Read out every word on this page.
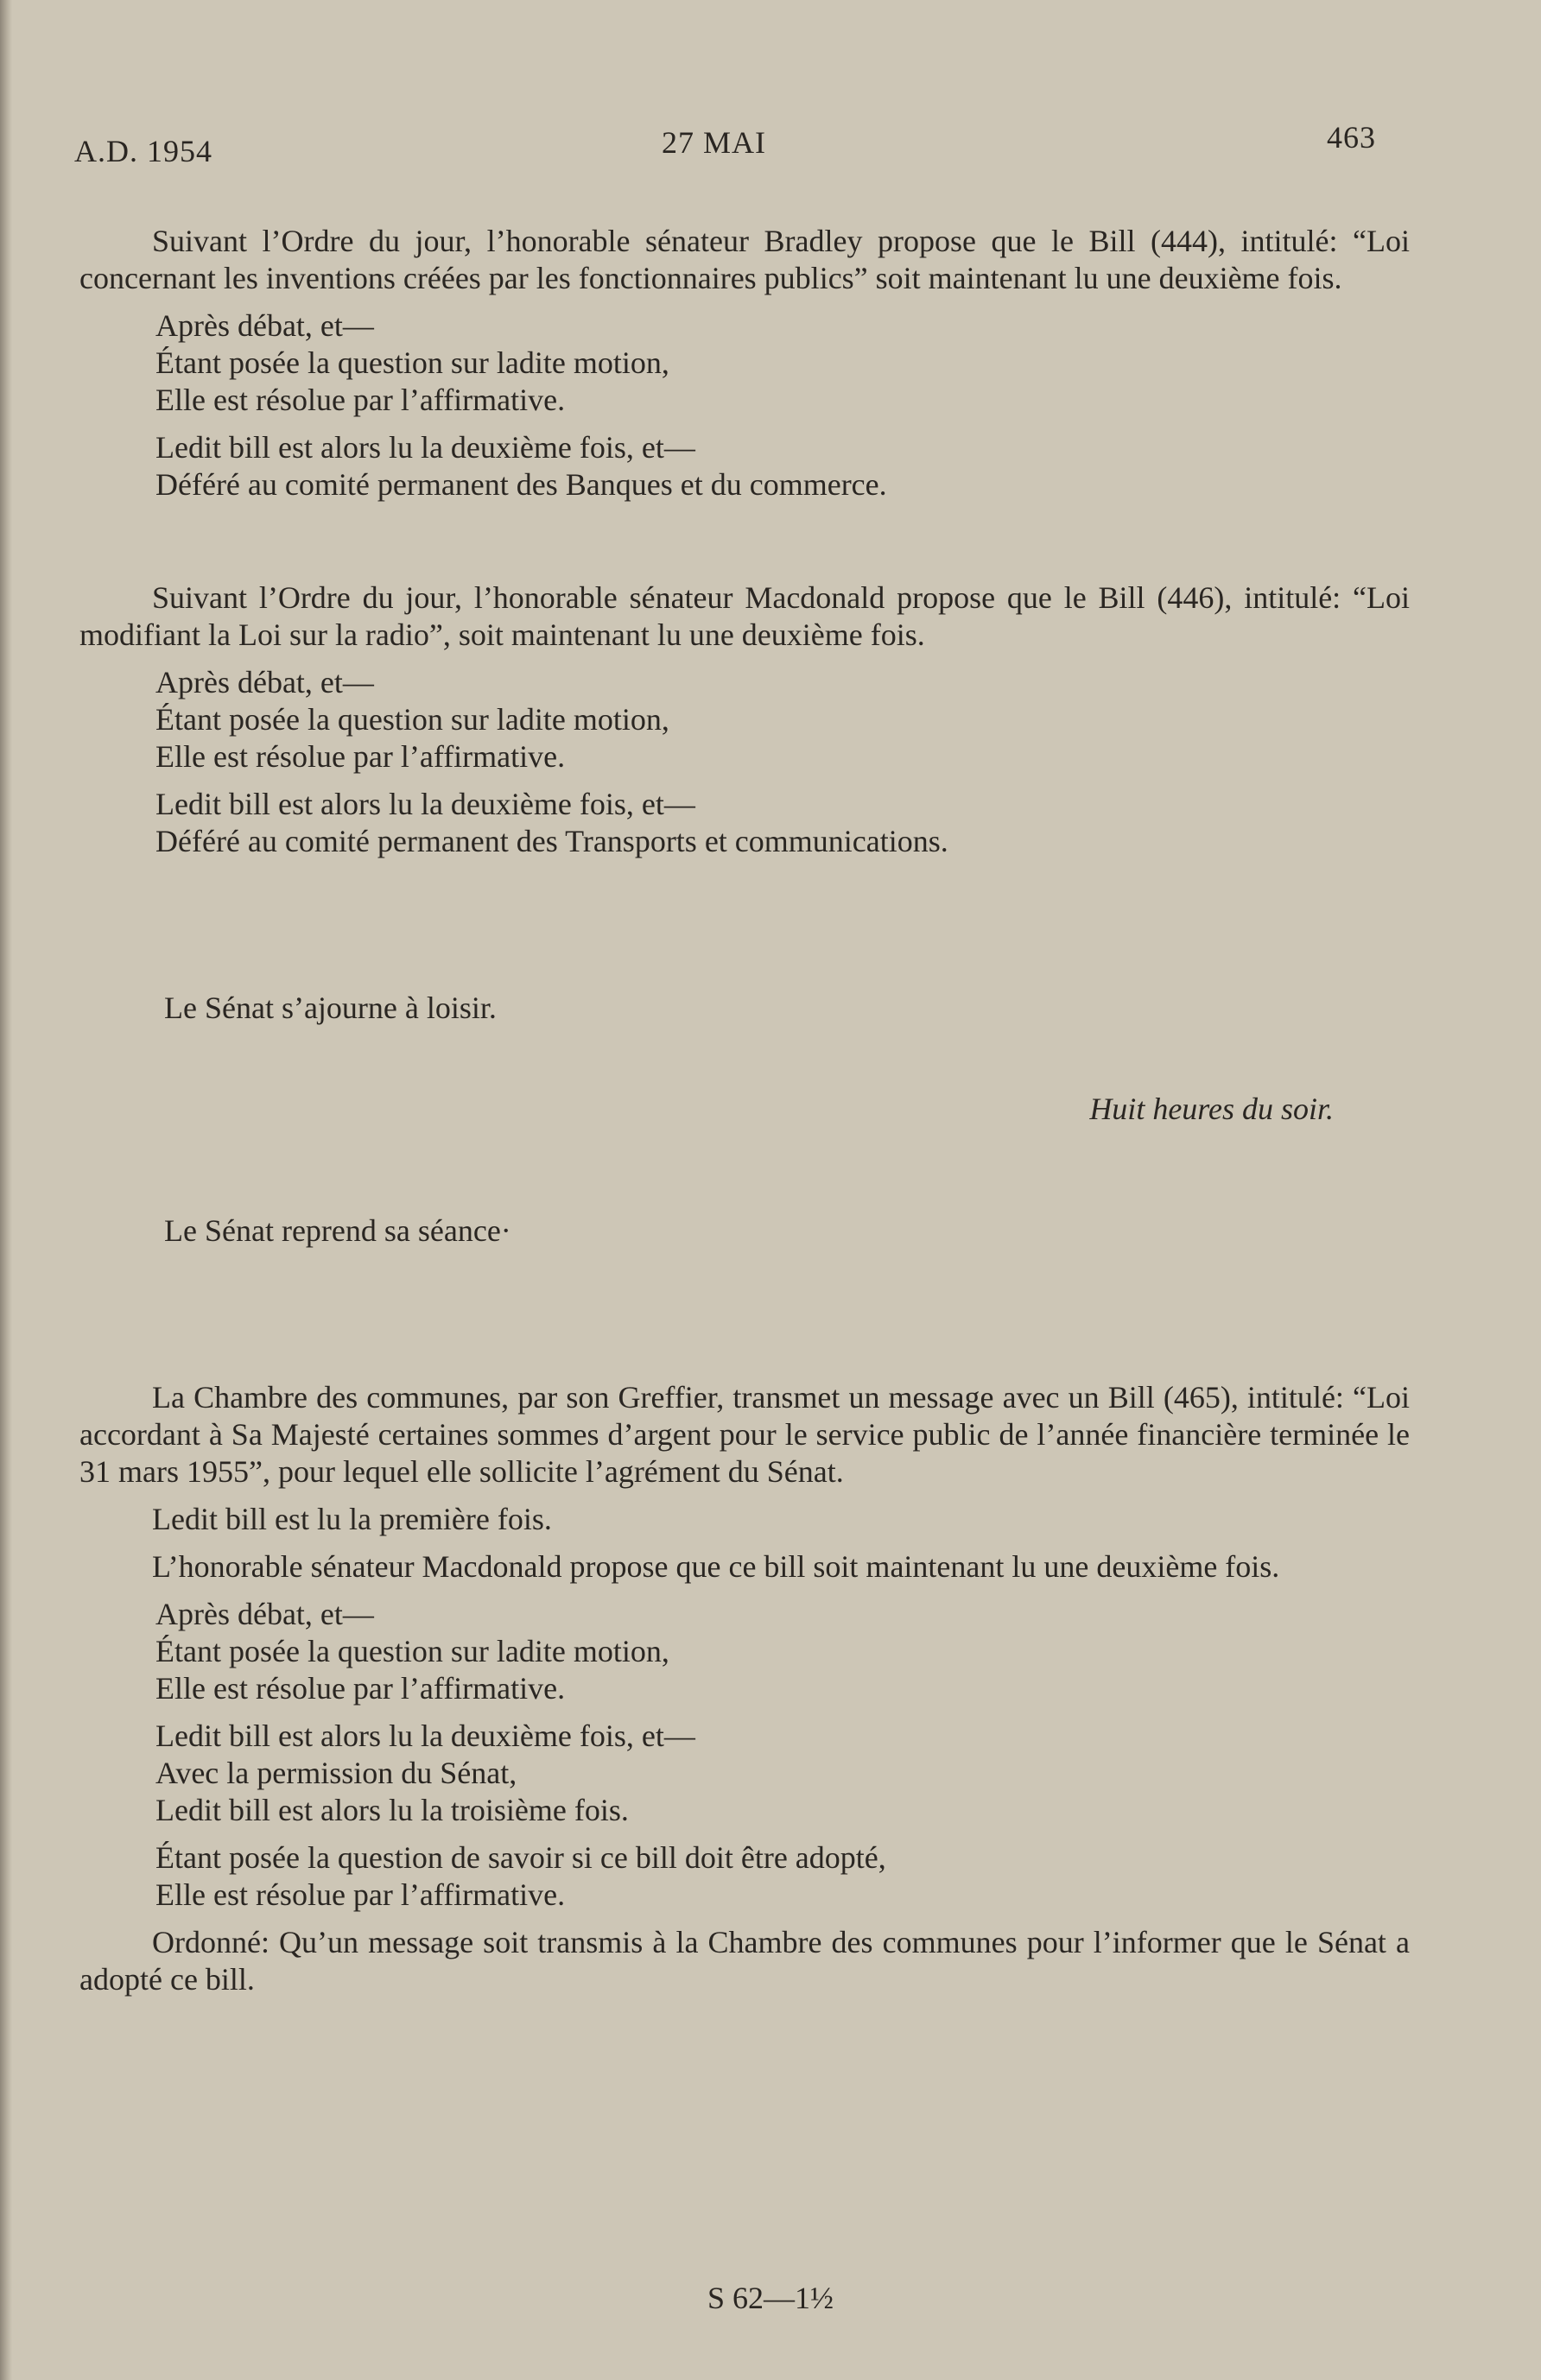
A.D. 1954	27 MAI	463

Suivant l’Ordre du jour, l’honorable sénateur Bradley propose que le Bill (444), intitulé: “Loi concernant les inventions créées par les fonctionnaires publics” soit maintenant lu une deuxième fois.

Après débat, et—
Étant posée la question sur ladite motion,
Elle est résolue par l’affirmative.
Ledit bill est alors lu la deuxième fois, et—
Déféré au comité permanent des Banques et du commerce.

Suivant l’Ordre du jour, l’honorable sénateur Macdonald propose que le Bill (446), intitulé: “Loi modifiant la Loi sur la radio”, soit maintenant lu une deuxième fois.

Après débat, et—
Étant posée la question sur ladite motion,
Elle est résolue par l’affirmative.
Ledit bill est alors lu la deuxième fois, et—
Déféré au comité permanent des Transports et communications.
Le Sénat s’ajourne à loisir.
Huit heures du soir.
Le Sénat reprend sa séance·

La Chambre des communes, par son Greffier, transmet un message avec un Bill (465), intitulé: “Loi accordant à Sa Majesté certaines sommes d’argent pour le service public de l’année financière terminée le 31 mars 1955”, pour lequel elle sollicite l’agrément du Sénat.

Ledit bill est lu la première fois.

L’honorable sénateur Macdonald propose que ce bill soit maintenant lu une deuxième fois.

Après débat, et—
Étant posée la question sur ladite motion,
Elle est résolue par l’affirmative.
Ledit bill est alors lu la deuxième fois, et—
Avec la permission du Sénat,
Ledit bill est alors lu la troisième fois.
Étant posée la question de savoir si ce bill doit être adopté,
Elle est résolue par l’affirmative.

Ordonné: Qu’un message soit transmis à la Chambre des communes pour l’informer que le Sénat a adopté ce bill.

S 62—1½
